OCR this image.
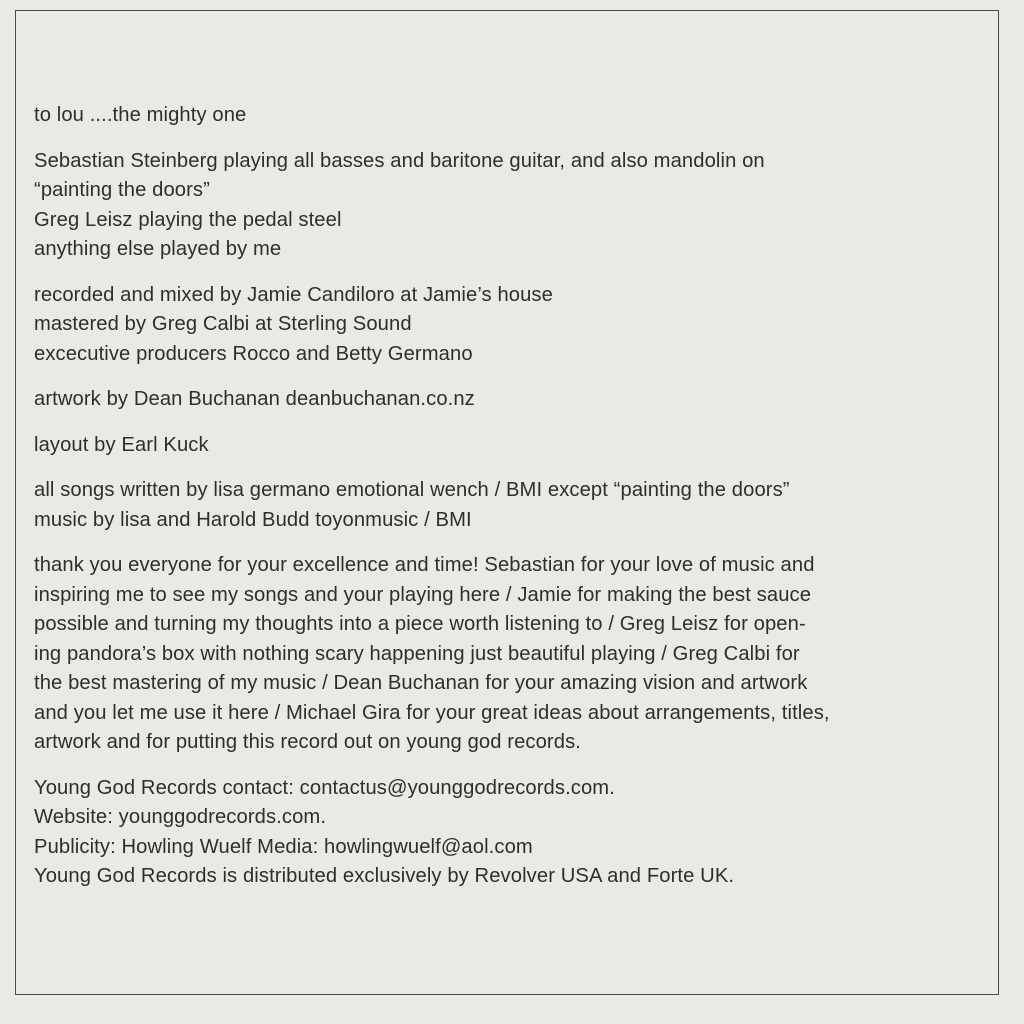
to lou ....the mighty one
Sebastian Steinberg playing all basses and baritone guitar, and also mandolin on
“painting the doors”
Greg Leisz playing the pedal steel
anything else played by me
recorded and mixed by Jamie Candiloro at Jamie’s house
mastered by Greg Calbi at Sterling Sound
excecutive producers Rocco and Betty Germano
artwork by Dean Buchanan deanbuchanan.co.nz
layout by Earl Kuck
all songs written by lisa germano emotional wench / BMI except “painting the doors”
music by lisa and Harold Budd toyonmusic / BMI
thank you everyone for your excellence and time! Sebastian for your love of music and
inspiring me to see my songs and your playing here / Jamie for making the best sauce
possible and turning my thoughts into a piece worth listening to / Greg Leisz for open-
ing pandora’s box with nothing scary happening just beautiful playing / Greg Calbi for
the best mastering of my music / Dean Buchanan for your amazing vision and artwork
and you let me use it here / Michael Gira for your great ideas about arrangements, titles,
artwork and for putting this record out on young god records.
Young God Records contact: contactus@younggodrecords.com.
Website: younggodrecords.com.
Publicity: Howling Wuelf Media: howlingwuelf@aol.com
Young God Records is distributed exclusively by Revolver USA and Forte UK.
